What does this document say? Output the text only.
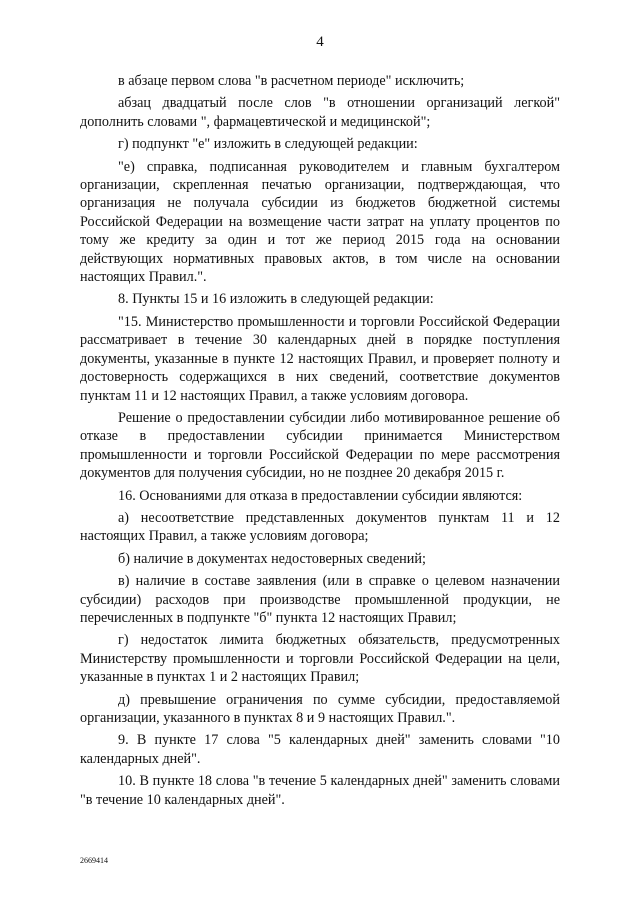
4

в абзаце первом слова "в расчетном периоде" исключить;

абзац двадцатый после слов "в отношении организаций легкой" дополнить словами ", фармацевтической и медицинской";

г) подпункт "е" изложить в следующей редакции:

"е) справка, подписанная руководителем и главным бухгалтером организации, скрепленная печатью организации, подтверждающая, что организация не получала субсидии из бюджетов бюджетной системы Российской Федерации на возмещение части затрат на уплату процентов по тому же кредиту за один и тот же период 2015 года на основании действующих нормативных правовых актов, в том числе на основании настоящих Правил.".

8. Пункты 15 и 16 изложить в следующей редакции:

"15. Министерство промышленности и торговли Российской Федерации рассматривает в течение 30 календарных дней в порядке поступления документы, указанные в пункте 12 настоящих Правил, и проверяет полноту и достоверность содержащихся в них сведений, соответствие документов пунктам 11 и 12 настоящих Правил, а также условиям договора.

Решение о предоставлении субсидии либо мотивированное решение об отказе в предоставлении субсидии принимается Министерством промышленности и торговли Российской Федерации по мере рассмотрения документов для получения субсидии, но не позднее 20 декабря 2015 г.

16. Основаниями для отказа в предоставлении субсидии являются:

а) несоответствие представленных документов пунктам 11 и 12 настоящих Правил, а также условиям договора;

б) наличие в документах недостоверных сведений;

в) наличие в составе заявления (или в справке о целевом назначении субсидии) расходов при производстве промышленной продукции, не перечисленных в подпункте "б" пункта 12 настоящих Правил;

г) недостаток лимита бюджетных обязательств, предусмотренных Министерству промышленности и торговли Российской Федерации на цели, указанные в пунктах 1 и 2 настоящих Правил;

д) превышение ограничения по сумме субсидии, предоставляемой организации, указанного в пунктах 8 и 9 настоящих Правил.".

9. В пункте 17 слова "5 календарных дней" заменить словами "10 календарных дней".

10. В пункте 18 слова "в течение 5 календарных дней" заменить словами "в течение 10 календарных дней".

2669414
